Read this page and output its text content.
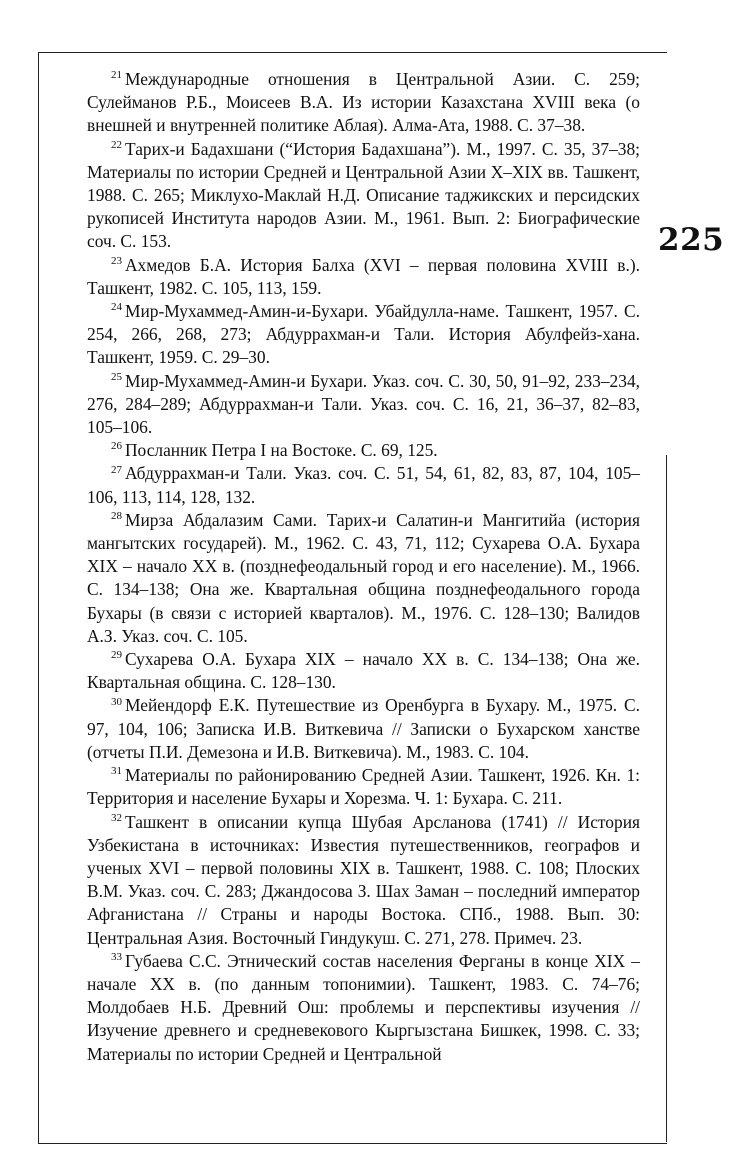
225

$^{21}$ Международные отношения в Центральной Азии. С. 259; Сулейманов Р.Б., Моисеев В.А. Из истории Казахстана XVIII века (о внешней и внутренней политике Аблая). Алма-Ата, 1988. С. 37–38.

$^{22}$ Тарих-и Бадахшани (“История Бадахшана”). М., 1997. С. 35, 37–38; Материалы по истории Средней и Центральной Азии X–XIX вв. Ташкент, 1988. С. 265; Миклухо-Маклай Н.Д. Описание таджикских и персидских рукописей Института народов Азии. М., 1961. Вып. 2: Биографические соч. С. 153.

$^{23}$ Ахмедов Б.А. История Балха (XVI – первая половина XVIII в.). Ташкент, 1982. С. 105, 113, 159.

$^{24}$ Мир-Мухаммед-Амин-и-Бухари. Убайдулла-наме. Ташкент, 1957. С. 254, 266, 268, 273; Абдуррахман-и Тали. История Абулфейз-хана. Ташкент, 1959. С. 29–30.

$^{25}$ Мир-Мухаммед-Амин-и Бухари. Указ. соч. С. 30, 50, 91–92, 233–234, 276, 284–289; Абдуррахман-и Тали. Указ. соч. С. 16, 21, 36–37, 82–83, 105–106.

$^{26}$ Посланник Петра I на Востоке. С. 69, 125.

$^{27}$ Абдуррахман-и Тали. Указ. соч. С. 51, 54, 61, 82, 83, 87, 104, 105–106, 113, 114, 128, 132.

$^{28}$ Мирза Абдалазим Сами. Тарих-и Салатин-и Мангитийа (история мангытских государей). М., 1962. С. 43, 71, 112; Сухарева О.А. Бухара XIX – начало XX в. (позднефеодальный город и его население). М., 1966. С. 134–138; Она же. Квартальная община позднефеодального города Бухары (в связи с историей кварталов). М., 1976. С. 128–130; Валидов А.З. Указ. соч. С. 105.

$^{29}$ Сухарева О.А. Бухара XIX – начало XX в. С. 134–138; Она же. Квартальная община. С. 128–130.

$^{30}$ Мейендорф Е.К. Путешествие из Оренбурга в Бухару. М., 1975. С. 97, 104, 106; Записка И.В. Виткевича // Записки о Бухарском ханстве (отчеты П.И. Демезона и И.В. Виткевича). М., 1983. С. 104.

$^{31}$ Материалы по районированию Средней Азии. Ташкент, 1926. Кн. 1: Территория и население Бухары и Хорезма. Ч. 1: Бухара. С. 211.

$^{32}$ Ташкент в описании купца Шубая Арсланова (1741) // История Узбекистана в источниках: Известия путешественников, географов и ученых XVI – первой половины XIX в. Ташкент, 1988. С. 108; Плоских В.М. Указ. соч. С. 283; Джандосова З. Шах Заман – последний император Афганистана // Страны и народы Востока. СПб., 1988. Вып. 30: Центральная Азия. Восточный Гиндукуш. С. 271, 278. Примеч. 23.

$^{33}$ Губаева С.С. Этнический состав населения Ферганы в конце XIX – начале XX в. (по данным топонимии). Ташкент, 1983. С. 74–76; Молдобаев Н.Б. Древний Ош: проблемы и перспективы изучения // Изучение древнего и средневекового Кыргызстана Бишкек, 1998. С. 33; Материалы по истории Средней и Центральной
